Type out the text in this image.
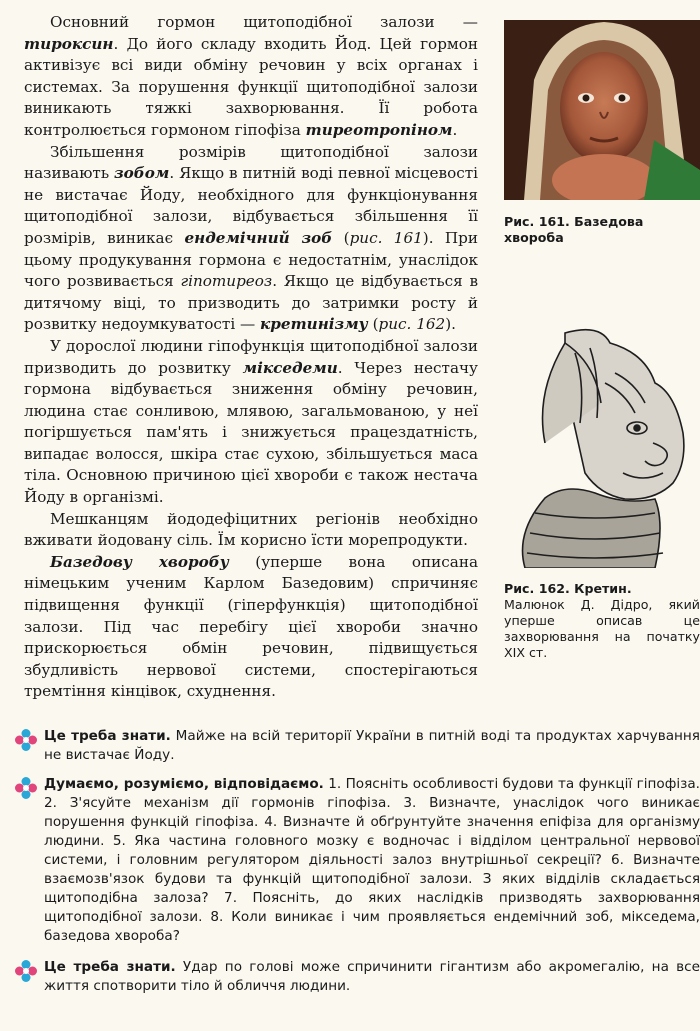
Основний гормон щитоподібної залози — тироксин. До його складу входить Йод. Цей гормон активізує всі види обміну речовин у всіх органах і системах. За порушення функції щитоподібної залози виникають тяжкі захворювання. Її робота контролюється гормоном гіпофіза тиреотропіном.

Збільшення розмірів щитоподібної залози називають зобом. Якщо в питній воді певної місцевості не вистачає Йоду, необхідного для функціонування щитоподібної залози, відбувається збільшення її розмірів, виникає ендемічний зоб (рис. 161). При цьому продукування гормона є недостатнім, унаслідок чого розвивається гіпотиреоз. Якщо це відбувається в дитячому віці, то призводить до затримки росту й розвитку недоумкуватості — кретинізму (рис. 162).

У дорослої людини гіпофункція щитоподібної залози призводить до розвитку мікседеми. Через нестачу гормона відбувається зниження обміну речовин, людина стає сонливою, млявою, загальмованою, у неї погіршується пам'ять і знижується працездатність, випадає волосся, шкіра стає сухою, збільшується маса тіла. Основною причиною цієї хвороби є також нестача Йоду в організмі.

Мешканцям йододефіцитних регіонів необхідно вживати йодовану сіль. Їм корисно їсти морепродукти.

Базедову хворобу (уперше вона описана німецьким ученим Карлом Базедовим) спричиняє підвищення функції (гіперфункція) щитоподібної залози. Під час перебігу цієї хвороби значно прискорюється обмін речовин, підвищується збудливість нервової системи, спостерігаються тремтіння кінцівок, схуднення.

Рис. 161. Базедова хвороба
Рис. 162. Кретин.
Малюнок Д. Дідро, який уперше описав це захворювання на початку XIX ст.
Це треба знати. Майже на всій території України в питній воді та продуктах харчування не вистачає Йоду.
Думаємо, розуміємо, відповідаємо. 1. Поясніть особливості будови та функції гіпофіза. 2. З'ясуйте механізм дії гормонів гіпофіза. 3. Визначте, унаслідок чого виникає порушення функцій гіпофіза. 4. Визначте й обґрунтуйте значення епіфіза для організму людини. 5. Яка частина головного мозку є водночас і відділом центральної нервової системи, і головним регулятором діяльності залоз внутрішньої секреції? 6. Визначте взаємозв'язок будови та функцій щитоподібної залози. З яких відділів складається щитоподібна залоза? 7. Поясніть, до яких наслідків призводять захворювання щитоподібної залози. 8. Коли виникає і чим проявляється ендемічний зоб, мікседема, базедова хвороба?
Це треба знати. Удар по голові може спричинити гігантизм або акромегалію, на все життя спотворити тіло й обличчя людини.
